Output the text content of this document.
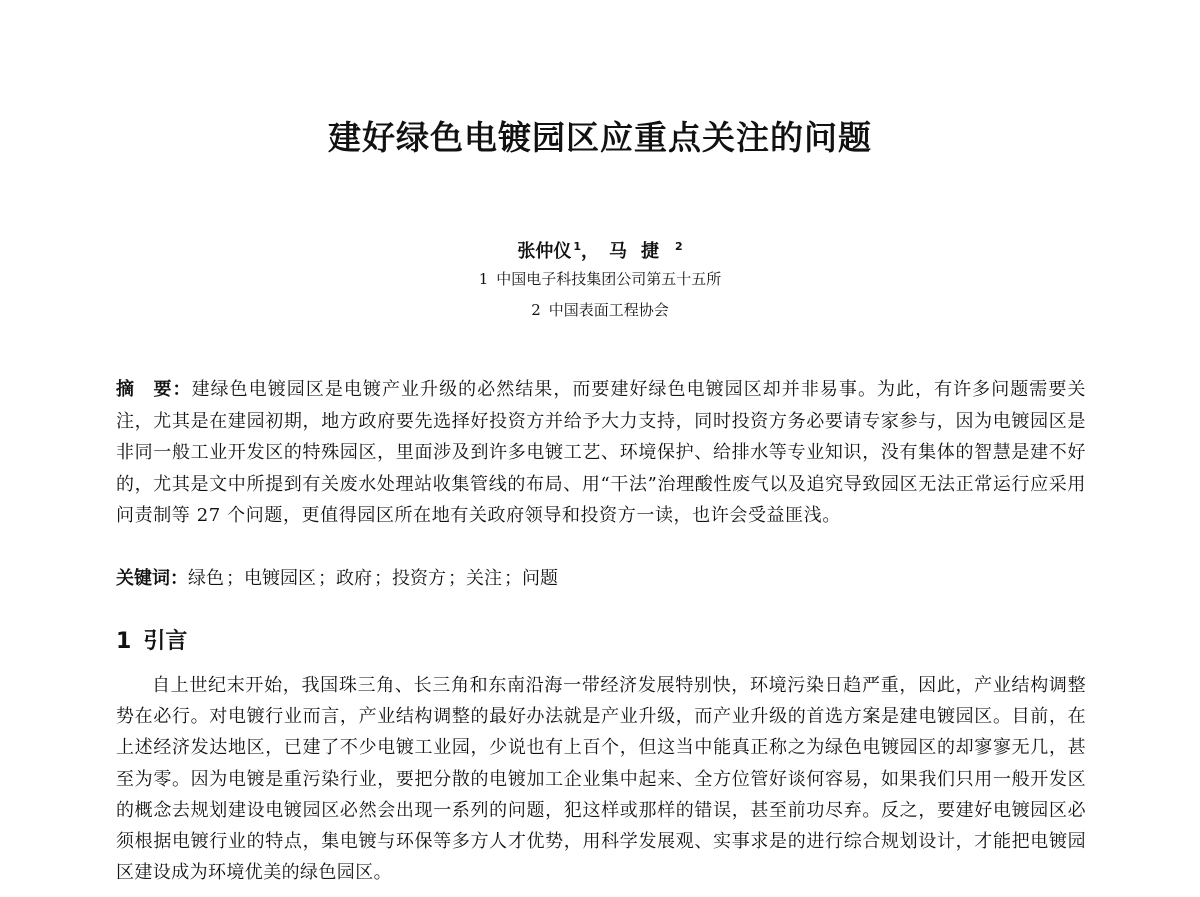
建好绿色电镀园区应重点关注的问题
张仲仪 $^1$， 马捷 $^2$
1 中国电子科技集团公司第五十五所
2 中国表面工程协会
摘 要：建绿色电镀园区是电镀产业升级的必然结果，而要建好绿色电镀园区却并非易事。为此，有许多问题需要关注，尤其是在建园初期，地方政府要先选择好投资方并给予大力支持，同时投资方务必要请专家参与，因为电镀园区是非同一般工业开发区的特殊园区，里面涉及到许多电镀工艺、环境保护、给排水等专业知识，没有集体的智慧是建不好的，尤其是文中所提到有关废水处理站收集管线的布局、用“干法”治理酸性废气以及追究导致园区无法正常运行应采用问责制等 27 个问题，更值得园区所在地有关政府领导和投资方一读，也许会受益匪浅。
关键词：绿色 ；电镀园区 ；政府 ；投资方 ；关注 ；问题
1 引言

自上世纪末开始，我国珠三角、长三角和东南沿海一带经济发展特别快，环境污染日趋严重，因此，产业结构调整势在必行。对电镀行业而言，产业结构调整的最好办法就是产业升级，而产业升级的首选方案是建电镀园区。目前，在上述经济发达地区，已建了不少电镀工业园，少说也有上百个，但这当中能真正称之为绿色电镀园区的却寥寥无几，甚至为零。因为电镀是重污染行业，要把分散的电镀加工企业集中起来、全方位管好谈何容易，如果我们只用一般开发区的概念去规划建设电镀园区必然会出现一系列的问题，犯这样或那样的错误，甚至前功尽弃。反之，要建好电镀园区必须根据电镀行业的特点，集电镀与环保等多方人才优势，用科学发展观、实事求是的进行综合规划设计，才能把电镀园区建设成为环境优美的绿色园区。
